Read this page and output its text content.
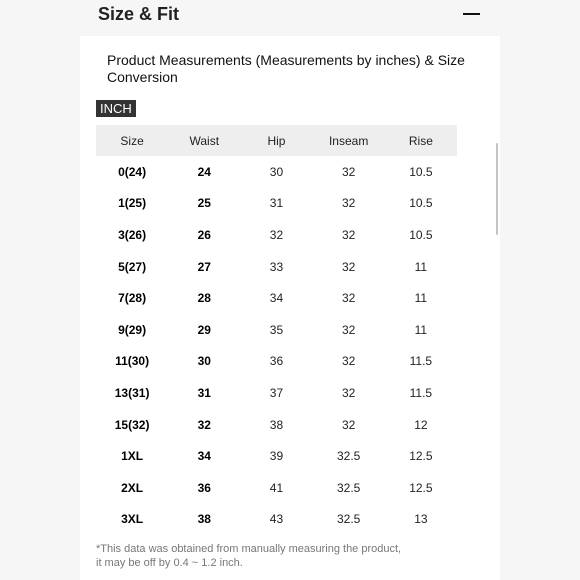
Size & Fit
Product Measurements (Measurements by inches) & Size Conversion
INCH
Size	Waist	Hip	Inseam	Rise
0(24)	24	30	32	10.5
1(25)	25	31	32	10.5
3(26)	26	32	32	10.5
5(27)	27	33	32	11
7(28)	28	34	32	11
9(29)	29	35	32	11
11(30)	30	36	32	11.5
13(31)	31	37	32	11.5
15(32)	32	38	32	12
1XL	34	39	32.5	12.5
2XL	36	41	32.5	12.5
3XL	38	43	32.5	13
*This data was obtained from manually measuring the product,
it may be off by 0.4 ~ 1.2 inch.
